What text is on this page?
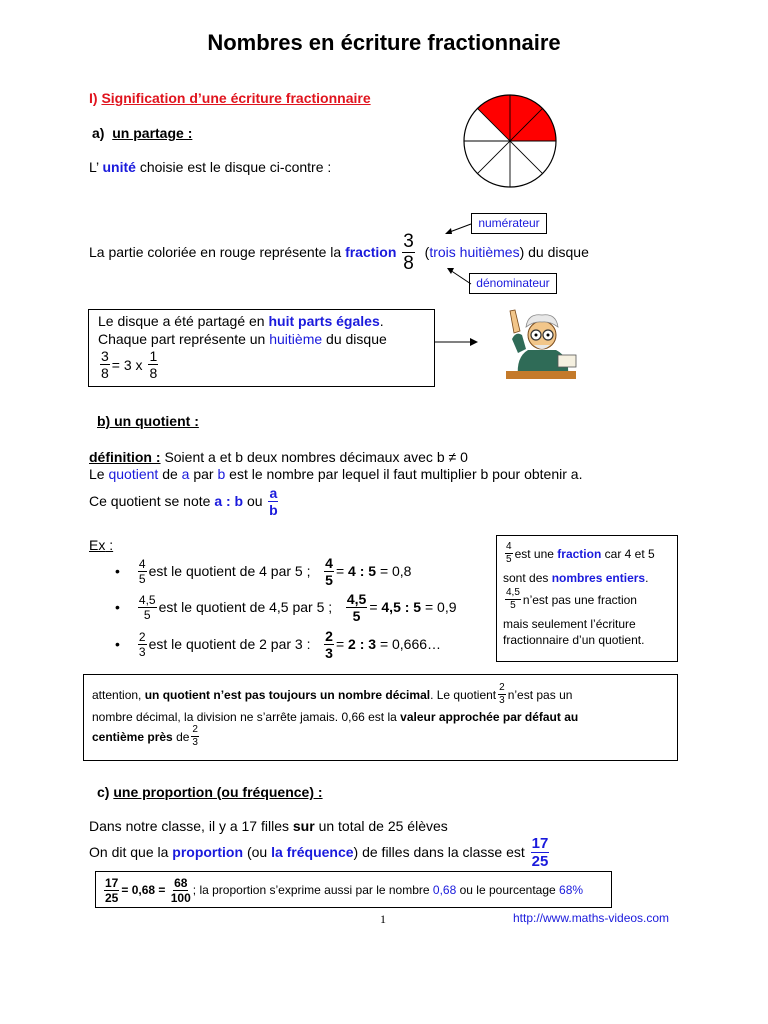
Nombres en écriture fractionnaire
I) Signification d’une écriture fractionnaire
a) un partage :
L’ unité choisie est le disque ci-contre :
numérateur
dénominateur
La partie coloriée en rouge représente la
fraction
$\frac{3}{8}$
( trois huitièmes ) du disque
Le disque a été partagé en huit parts égales.
Chaque part représente un huitième du disque
$\frac{3}{8} = 3$ x
$\frac{1}{8}$
b) un quotient :
définition : Soient a et b deux nombres décimaux avec b ≠ 0
Le quotient de a par b est le nombre par lequel il faut multiplier b pour obtenir a.
Ce quotient se note
a : b
ou
$\frac{a}{b}$
Ex :
• $\frac{4}{5}$ est le quotient de 4 par 5 ;
$\frac{4}{5}$ =
4 : 5
= 0,8
• $\frac{4,5}{5}$ est le quotient de 4,5 par 5 ;
$\frac{4,5}{5}$ =
4,5 : 5
= 0,9
• $\frac{2}{3}$ est le quotient de 2 par 3 :
$\frac{2}{3}$ =
2 : 3
= 0,666…
$\frac{4}{5}$ est une
fraction
car 4 et 5
sont des nombres entiers.
$\frac{4,5}{5}$ n’est pas une fraction
mais seulement l’écriture
fractionnaire d’un quotient.
attention,
un quotient n’est pas toujours un nombre décimal . Le quotient $\frac{2}{3}$ n’est pas un
nombre décimal, la division ne s’arrête jamais. 0,66 est la valeur approchée par défaut au
centième près
de $\frac{2}{3}$
c) une proportion (ou fréquence) :
Dans notre classe, il y a 17 filles sur un total de 25 élèves
On dit que la
proportion
(ou
la fréquence ) de filles dans la classe est
$\frac{17}{25}$
$\frac{17}{25} = 0,68$ =
$\frac{68}{100}$ ; la proportion s’exprime aussi par le nombre
0,68
ou le pourcentage
68%
1	http://www.maths-videos.com
